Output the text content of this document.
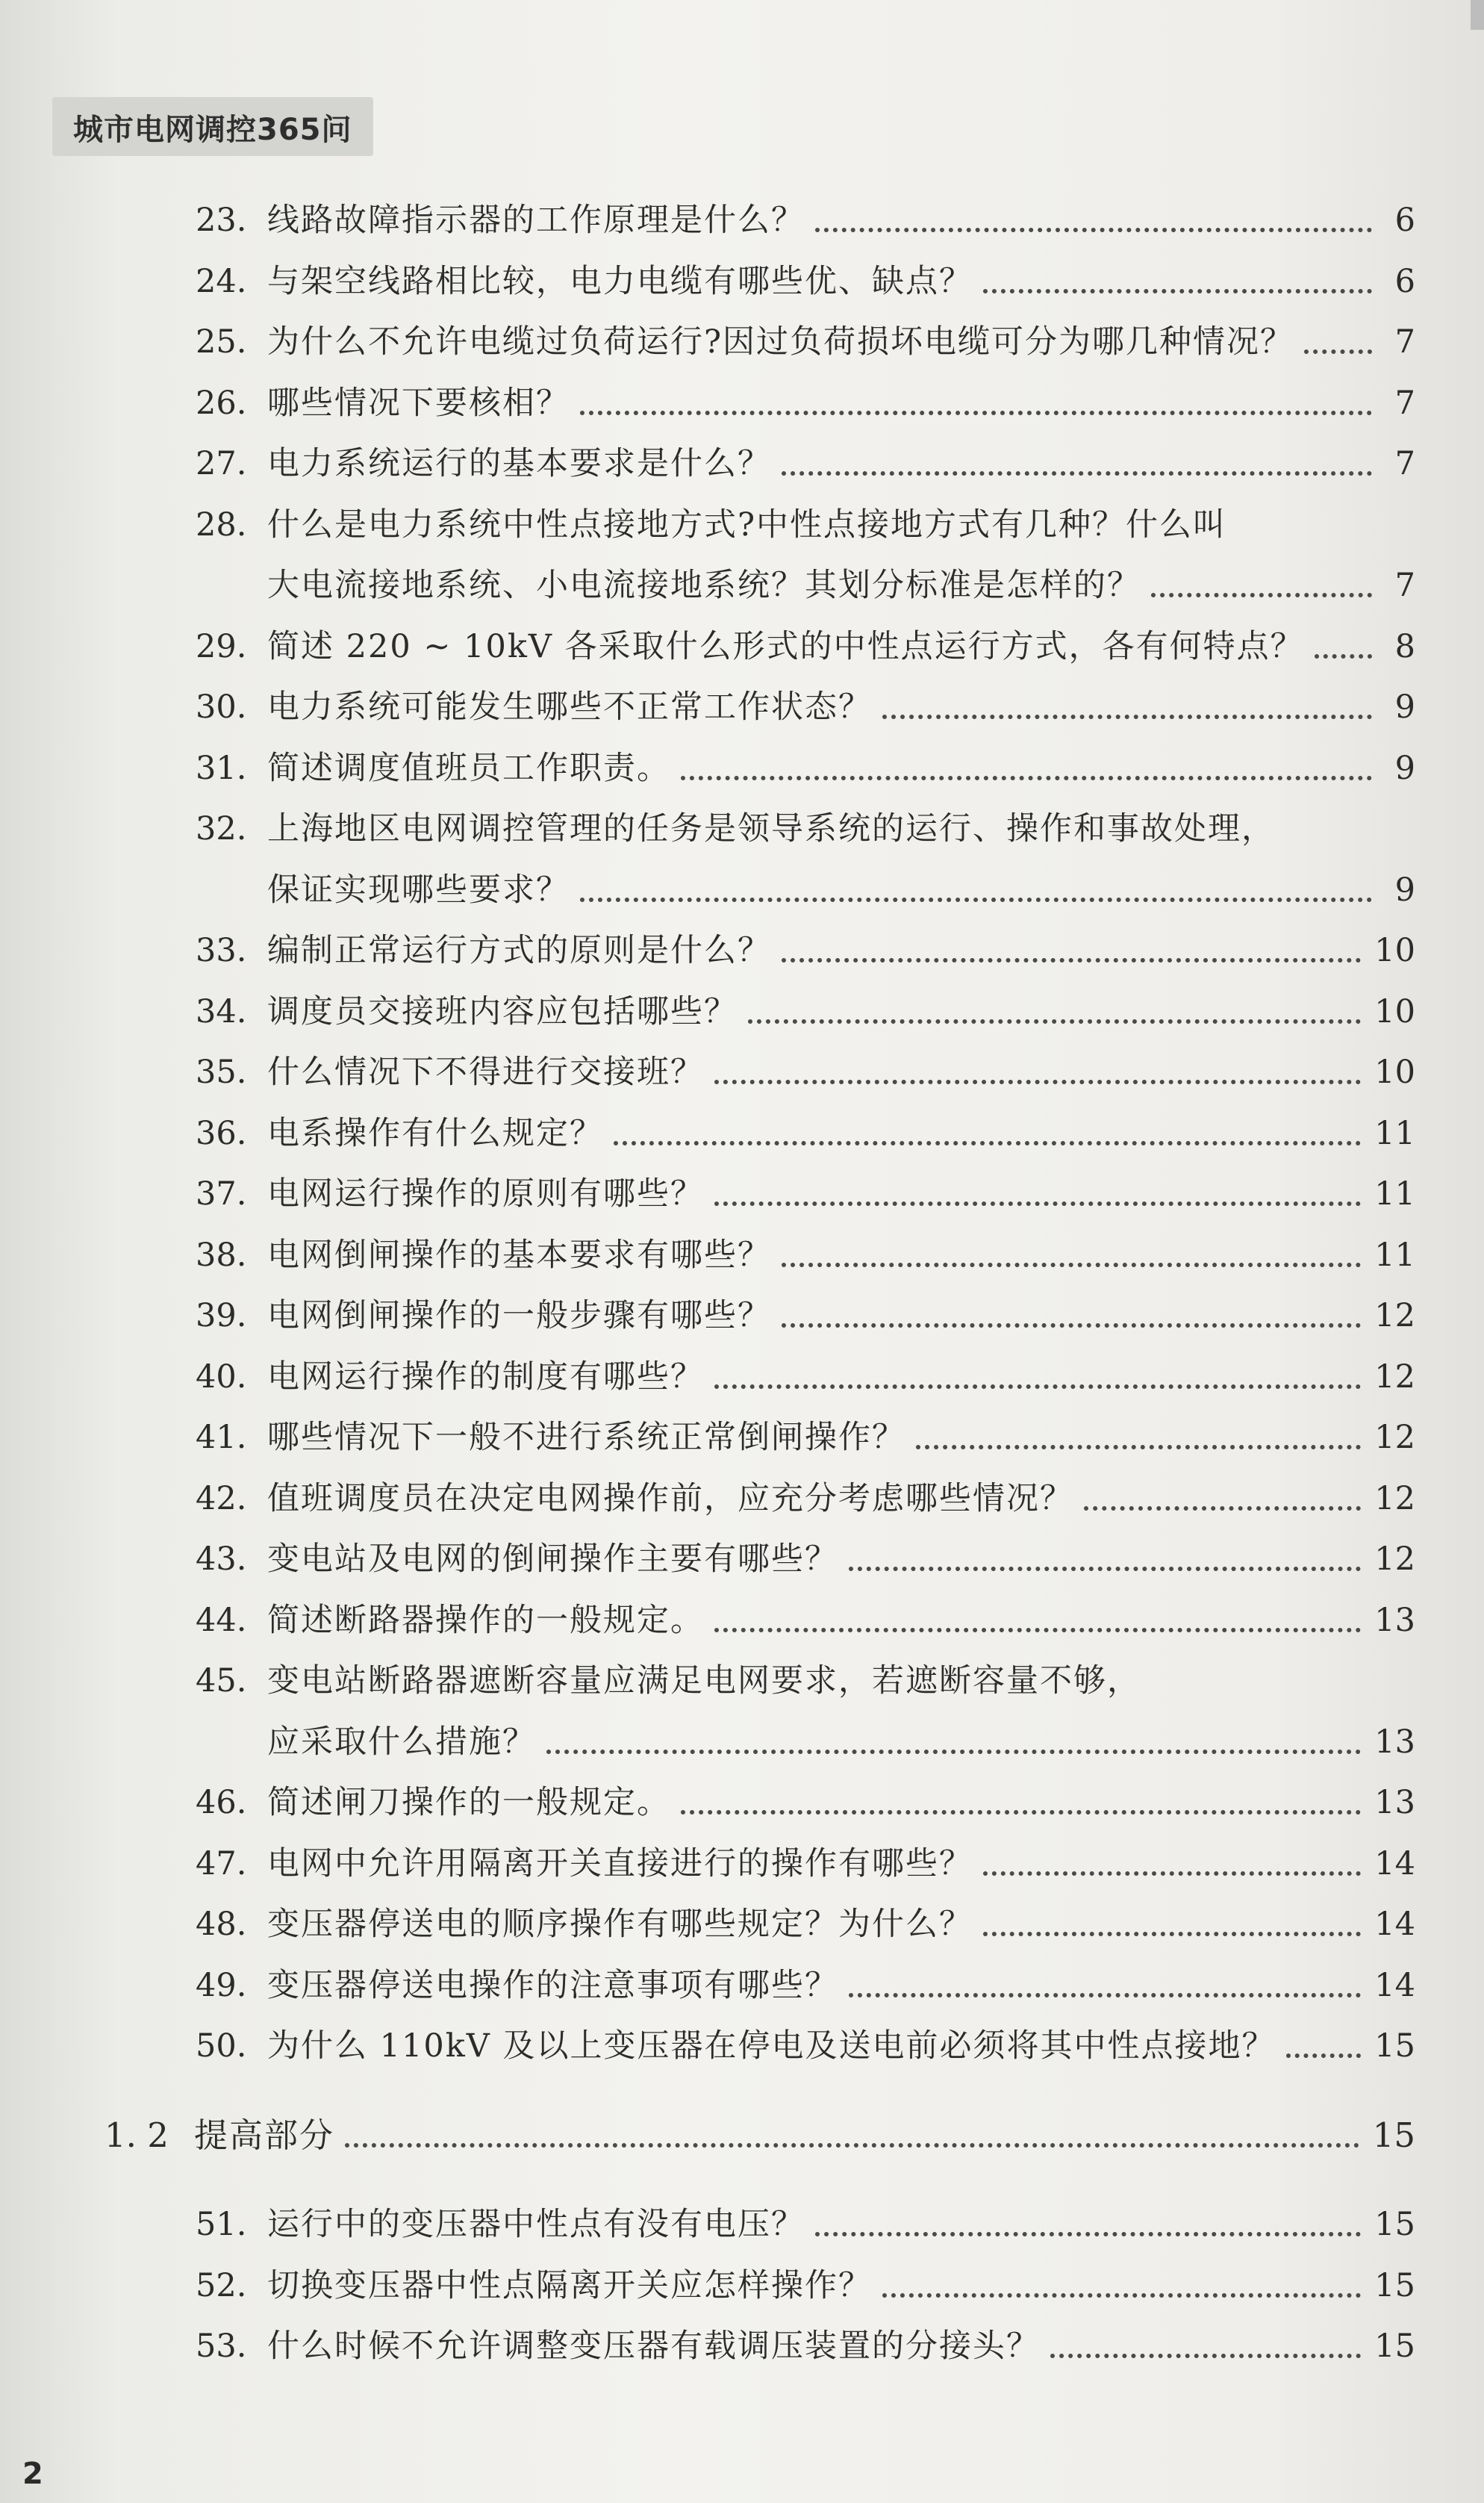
城市电网调控365问
23. 线路故障指示器的工作原理是什么？	6
24. 与架空线路相比较，电力电缆有哪些优、缺点？	6
25. 为什么不允许电缆过负荷运行?因过负荷损坏电缆可分为哪几种情况？	7
26. 哪些情况下要核相？	7
27. 电力系统运行的基本要求是什么？	7
28. 什么是电力系统中性点接地方式?中性点接地方式有几种？什么叫
大电流接地系统、小电流接地系统？其划分标准是怎样的？	7
29. 简述 220 ~ 10kV 各采取什么形式的中性点运行方式，各有何特点？	8
30. 电力系统可能发生哪些不正常工作状态？	9
31. 简述调度值班员工作职责。	9
32. 上海地区电网调控管理的任务是领导系统的运行、操作和事故处理，
保证实现哪些要求？	9
33. 编制正常运行方式的原则是什么？	10
34. 调度员交接班内容应包括哪些？	10
35. 什么情况下不得进行交接班？	10
36. 电系操作有什么规定？	11
37. 电网运行操作的原则有哪些？	11
38. 电网倒闸操作的基本要求有哪些？	11
39. 电网倒闸操作的一般步骤有哪些？	12
40. 电网运行操作的制度有哪些？	12
41. 哪些情况下一般不进行系统正常倒闸操作？	12
42. 值班调度员在决定电网操作前，应充分考虑哪些情况？	12
43. 变电站及电网的倒闸操作主要有哪些？	12
44. 简述断路器操作的一般规定。	13
45. 变电站断路器遮断容量应满足电网要求，若遮断容量不够，
应采取什么措施？	13
46. 简述闸刀操作的一般规定。	13
47. 电网中允许用隔离开关直接进行的操作有哪些？	14
48. 变压器停送电的顺序操作有哪些规定？为什么？	14
49. 变压器停送电操作的注意事项有哪些？	14
50. 为什么 110kV 及以上变压器在停电及送电前必须将其中性点接地？	15
1. 2 提高部分	15
51. 运行中的变压器中性点有没有电压？	15
52. 切换变压器中性点隔离开关应怎样操作？	15
53. 什么时候不允许调整变压器有载调压装置的分接头？	15
2
